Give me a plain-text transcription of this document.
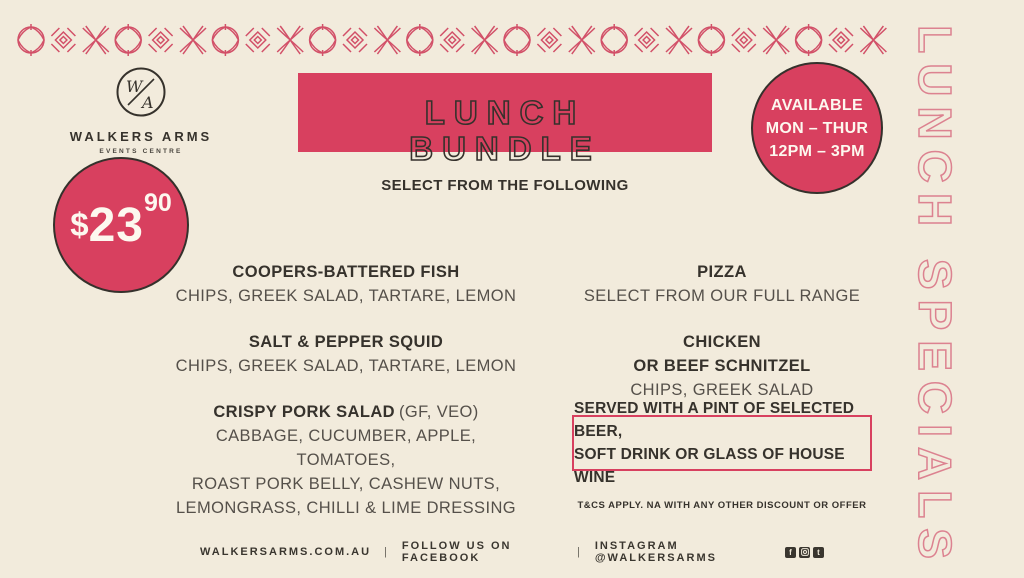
W
A
WALKERS ARMS
EVENTS CENTRE
LUNCH
BUNDLE
SELECT FROM THE FOLLOWING
AVAILABLE
MON – THUR
12PM – 3PM
$ 23 90
COOPERS-BATTERED FISH
CHIPS, GREEK SALAD, TARTARE, LEMON
SALT & PEPPER SQUID
CHIPS, GREEK SALAD, TARTARE, LEMON
CRISPY PORK SALAD (GF, VEO)
CABBAGE, CUCUMBER, APPLE, TOMATOES,
ROAST PORK BELLY, CASHEW NUTS,
LEMONGRASS, CHILLI & LIME DRESSING
PIZZA
SELECT FROM OUR FULL RANGE
CHICKEN
OR BEEF SCHNITZEL
CHIPS, GREEK SALAD
SERVED WITH A PINT OF SELECTED BEER,
SOFT DRINK OR GLASS OF HOUSE WINE
T&CS APPLY. NA WITH ANY OTHER DISCOUNT OR OFFER
WALKERSARMS.COM.AU | FOLLOW US ON FACEBOOK	| INSTAGRAM @WALKERSARMS	f	t LUNCH SPECIALS
